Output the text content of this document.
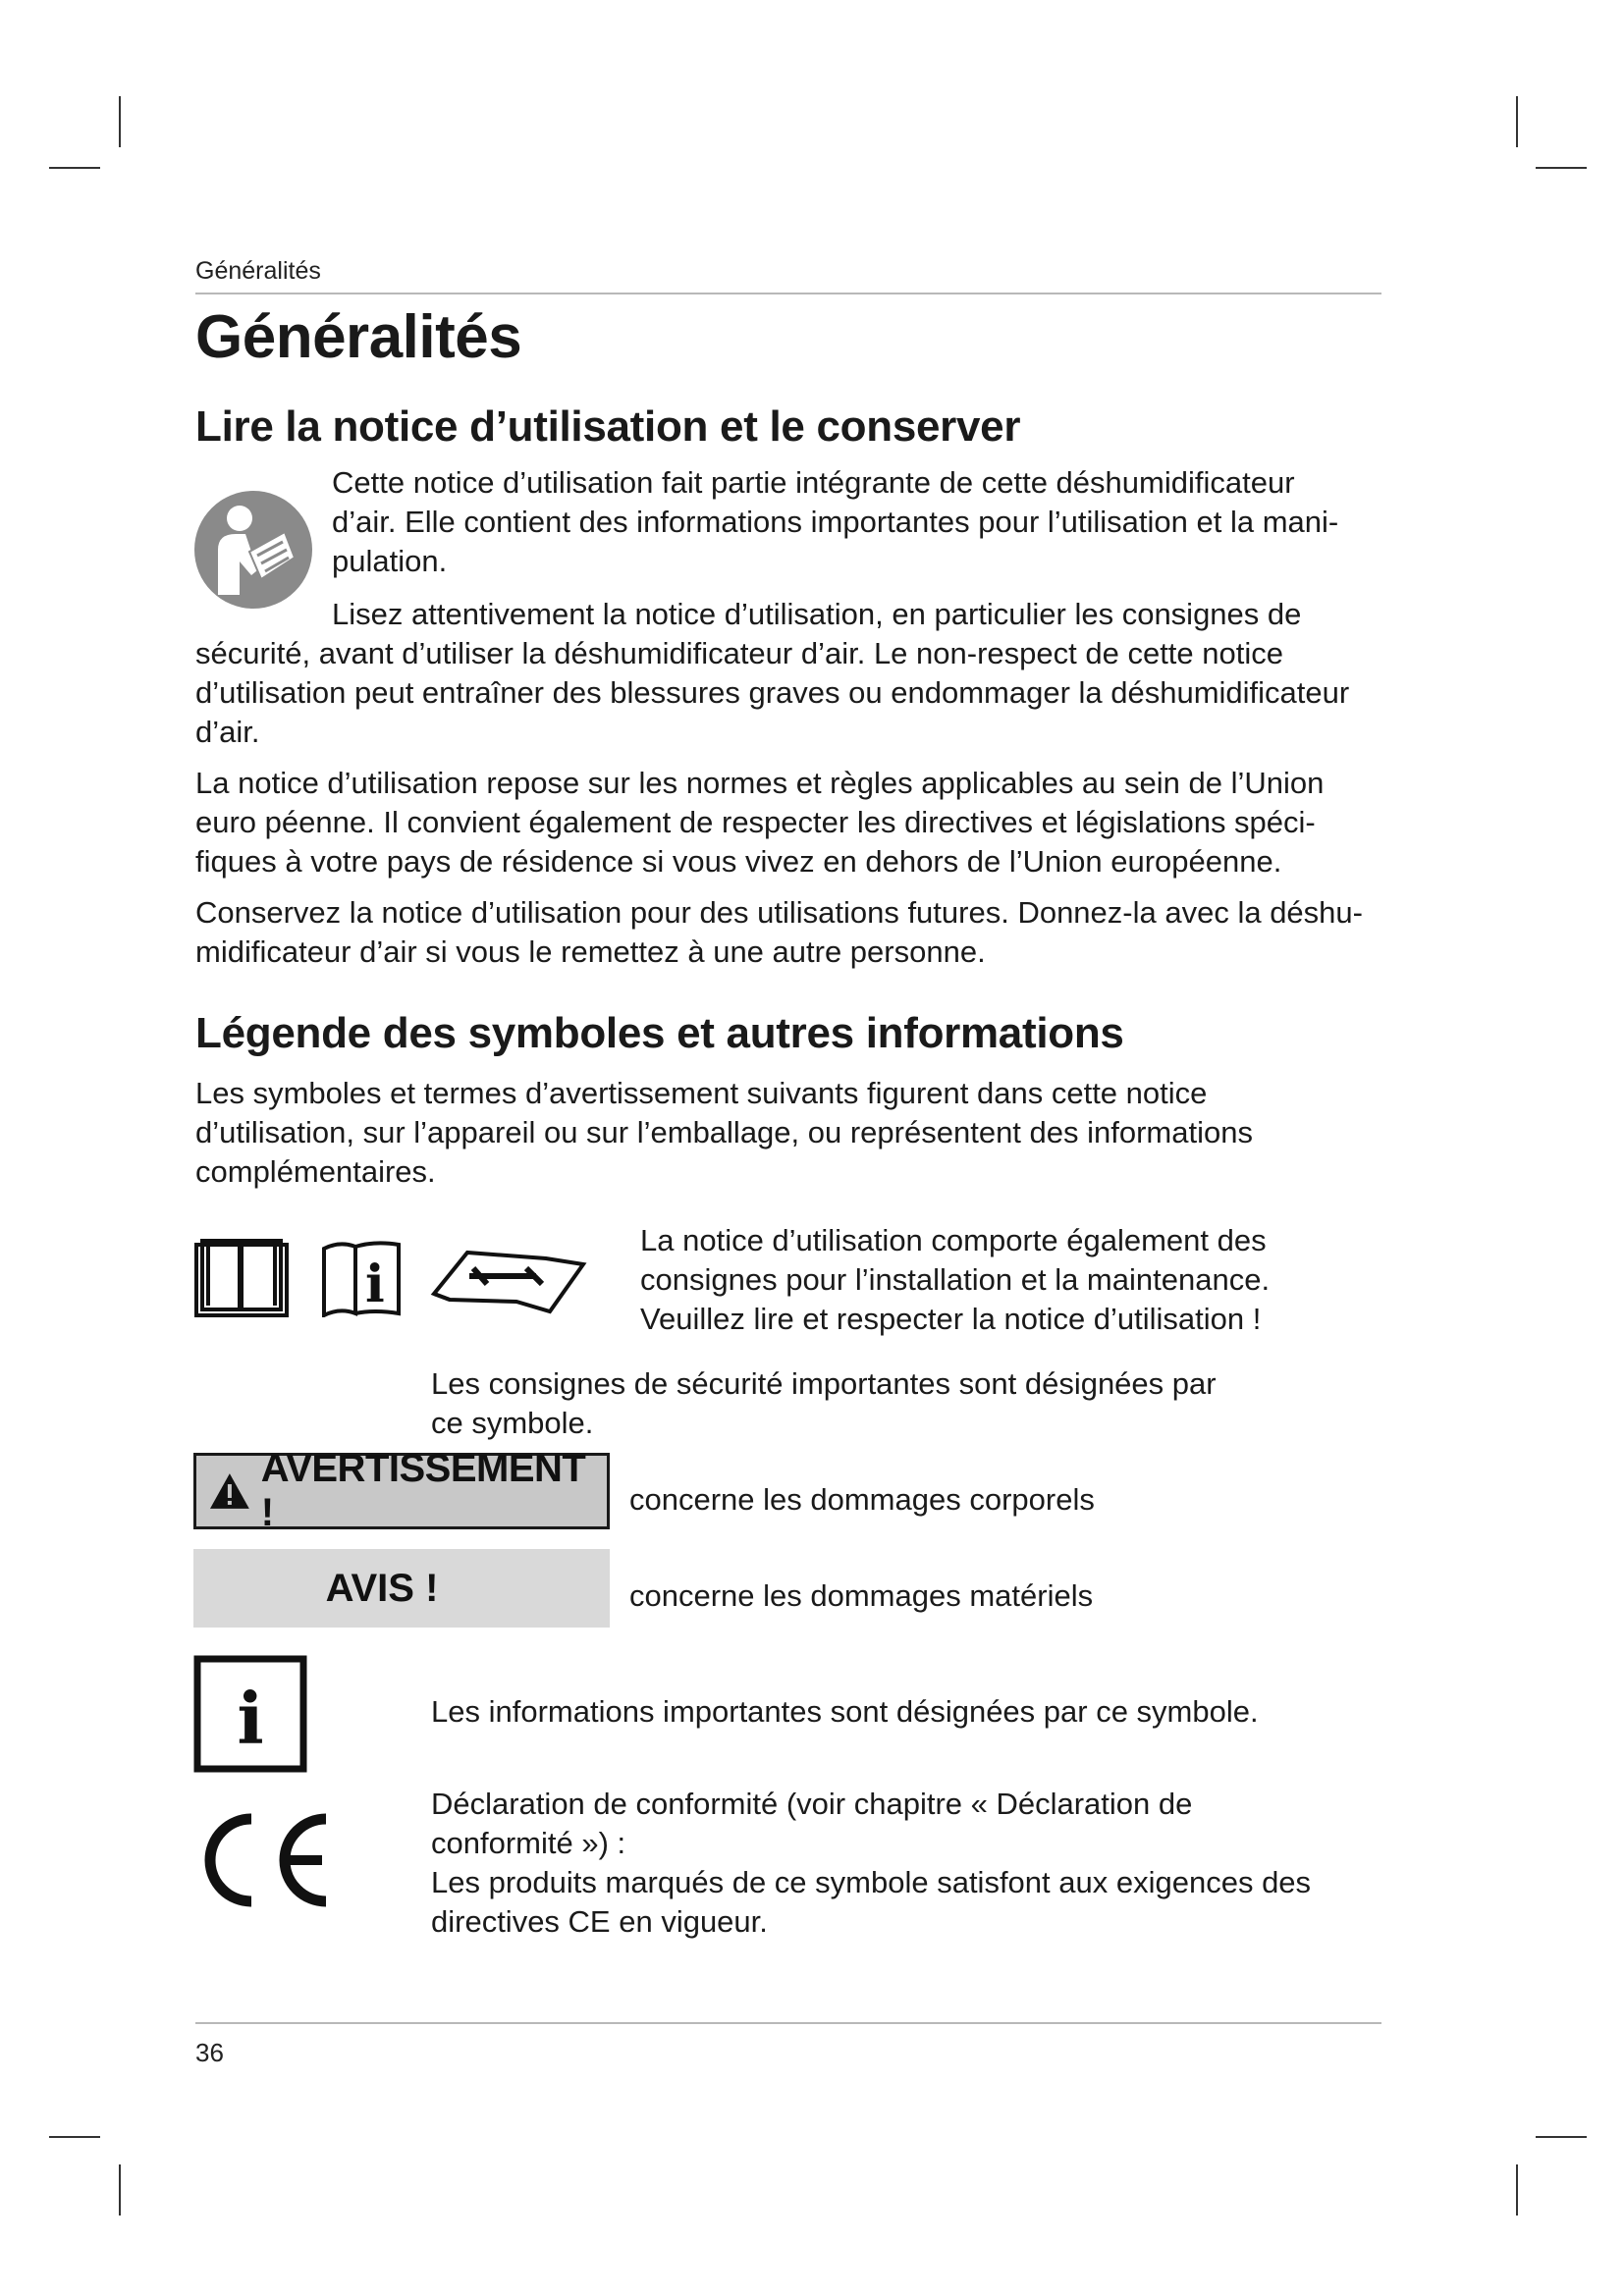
Généralités
Généralités
Lire la notice d’utilisation et le conserver
Cette notice d’utilisation fait partie intégrante de cette déshumidificateur
d’air. Elle contient des informations importantes pour l’utilisation et la mani-
pulation.
Lisez attentivement la notice d’utilisation, en particulier les consignes de
sécurité, avant d’utiliser la déshumidificateur d’air. Le non-respect de cette notice
d’utilisation peut entraîner des blessures graves ou endommager la déshumidificateur
d’air.
La notice d’utilisation repose sur les normes et règles applicables au sein de l’Union
euro péenne. Il convient également de respecter les directives et législations spéci-
fiques à votre pays de résidence si vous vivez en dehors de l’Union européenne.
Conservez la notice d’utilisation pour des utilisations futures. Donnez-la avec la déshu-
midificateur d’air si vous le remettez à une autre personne.
Légende des symboles et autres informations
Les symboles et termes d’avertissement suivants figurent dans cette notice
d’utilisation, sur l’appareil ou sur l’emballage, ou représentent des informations
complémentaires.
i
La notice d’utilisation comporte également des
consignes pour l’installation et la maintenance.
Veuillez lire et respecter la notice d’utilisation !
Les consignes de sécurité importantes sont désignées par
ce symbole.
AVERTISSEMENT !	concerne les dommages corporels
AVIS !	concerne les dommages matériels
i	Les informations importantes sont désignées par ce symbole.
Déclaration de conformité (voir chapitre « Déclaration de
conformité ») :
Les produits marqués de ce symbole satisfont aux exigences des
directives CE en vigueur.
36
